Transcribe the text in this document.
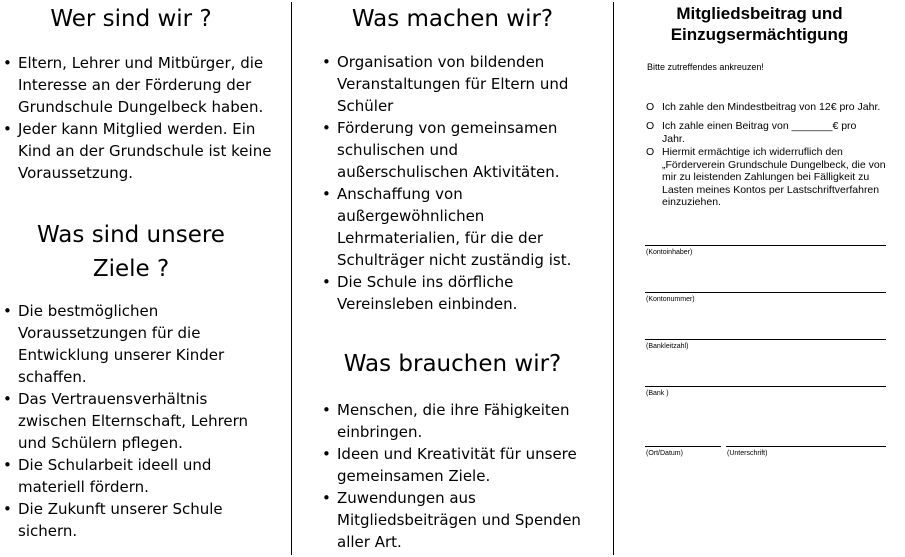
Wer sind wir ?
• Eltern, Lehrer und Mitbürger, die Interesse an der Förderung der Grundschule Dungelbeck haben.
• Jeder kann Mitglied werden. Ein Kind an der Grundschule ist keine Voraussetzung.
Was sind unsere
Ziele ?
• Die bestmöglichen Voraussetzungen für die Entwicklung unserer Kinder schaffen.
• Das Vertrauensverhältnis zwischen Elternschaft, Lehrern und Schülern pflegen.
• Die Schularbeit ideell und materiell fördern.
• Die Zukunft unserer Schule sichern.
Was machen wir?
• Organisation von bildenden Veranstaltungen für Eltern und Schüler
• Förderung von gemeinsamen schulischen und außerschulischen Aktivitäten.
• Anschaffung von außergewöhnlichen Lehrmaterialien, für die der Schulträger nicht zuständig ist.
• Die Schule ins dörfliche Vereinsleben einbinden.
Was brauchen wir?
• Menschen, die ihre Fähigkeiten einbringen.
• Ideen und Kreativität für unsere gemeinsamen Ziele.
• Zuwendungen aus Mitgliedsbeiträgen und Spenden aller Art.
Mitgliedsbeitrag und
Einzugsermächtigung
Bitte zutreffendes ankreuzen!
O Ich zahle den Mindestbeitrag von 12€ pro Jahr.
O Ich zahle einen Beitrag von _______€ pro Jahr.
O Hiermit ermächtige ich widerruflich den „Förderverein Grundschule Dungelbeck, die von mir zu leistenden Zahlungen bei Fälligkeit zu Lasten meines Kontos per Lastschriftverfahren einzuziehen.
(Kontoinhaber)
(Kontonummer)
(Bankleitzahl)
(Bank )
(Ort/Datum)	(Unterschrift)
